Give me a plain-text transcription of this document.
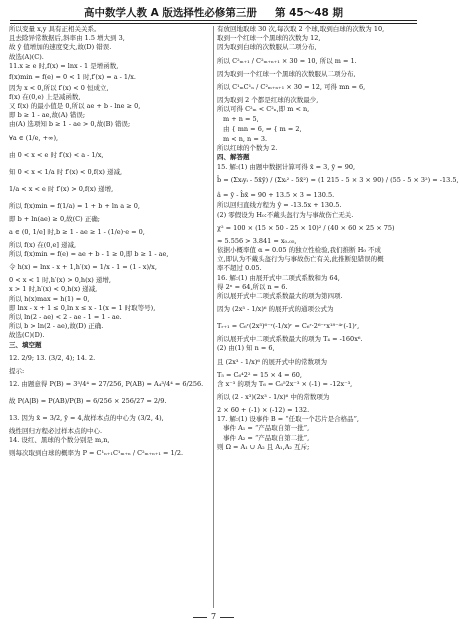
高中数学人教 A 版选择性必修第三册 第 45～48 期
所以变量 x,y 具有正相关关系。
且去除异常数据后,斜率由 1.5 增大到 3,
故 ŷ 值增加的速度变大,故(D) 错误.
故选(A)(C).
11.x ≥ e 时,f(x) = lnx - 1 是增函数,
f(x)min = f(e) = 0 < 1 时,f′(x) = a - 1/x.
因为 x < 0,所以 f′(x) < 0 恒成立,
f(x) 在(0,e) 上是减函数,
又 f(x) 的最小值是 0,所以 ae + b - lne ≥ 0,
即 b ≥ 1 - ae,故(A) 错误;
由(A) 选项知 b ≥ 1 - ae > 0,故(B) 错误;
∀a ∈ (1/e, +∞),
由 0 < x < e 时 f′(x) < a - 1/x,
知 0 < x < 1/a 时 f′(x) < 0,f(x) 递减,
1/a < x < e 时 f′(x) > 0,f(x) 递增,
所以 f(x)min = f(1/a) = 1 + b + ln a ≥ 0,
即 b + ln(ae) ≥ 0,故(C) 正确;
a ∈ (0, 1/e] 时,b ≥ 1 - ae ≥ 1 - (1/e)·e = 0,
所以 f(x) 在(0,e] 递减,
所以 f(x)min = f(e) = ae + b - 1 ≥ 0,即 b ≥ 1 - ae,
令 h(x) = lnx - x + 1,h′(x) = 1/x - 1 = (1 - x)/x,
0 < x < 1 时,h′(x) > 0,h(x) 递增,
x > 1 时,h′(x) < 0,h(x) 递减,
所以 h(x)max = h(1) = 0,
即 lnx - x + 1 ≤ 0,ln x ≤ x - 1(x = 1 时取等号),
所以 ln(2 - ae) < 2 - ae - 1 = 1 - ae.
所以 b > ln(2 - ae),故(D) 正确.
故选(C)(D).
三、填空题
12. 2/9; 13. (3/2, 4); 14. 2.
提示:
12. 由题意得 P(B) = 3³/4⁴ = 27/256, P(AB) = A₄³/4⁴ = 6/256.
故 P(A|B) = P(AB)/P(B) = 6/256 × 256/27 = 2/9.
13. 因为 x̄ = 3/2, ȳ = 4,故样本点的中心为 (3/2, 4),
线性回归方程必过样本点的中心.
14. 设红、黑球的个数分别是 m,n,
则每次取到白球的概率为 P = C¹ₙ₊₁C¹ₘ₊ₙ / C²ₘ₊ₙ₊₁ = 1/2.
有放回地取球 30 次,每次取 2 个球,取到白球的次数为 10,
取到一个红球一个黑球的次数为 12,
因为取到白球的次数服从二项分布,
所以 C²ₘ₊₁ / C²ₘ₊ₙ₊₁ × 30 = 10, 所以 m = 1.
因为取到一个红球一个黑球的次数服从二项分布,
所以 C¹ₘC¹ₙ / C²ₘ₊ₙ₊₁ × 30 = 12, 可得 mn = 6,
因为取到 2 个都是红球的次数最少,
所以可得 C²ₘ < C²ₙ,即 m < n,
m + n = 5,
由 { mn = 6, ⇒ { m = 2,
m < n, n = 3.
所以红球的个数为 2.
四、解答题
15. 解:(1) 由题中数据计算可得 x̄ = 3, ȳ = 90,
b̂ = (Σxᵢyᵢ - 5x̄ȳ) / (Σxᵢ² - 5x̄²) = (1 215 - 5 × 3 × 90) / (55 - 5 × 3²) = -13.5,
â = ȳ - b̂x̄ = 90 + 13.5 × 3 = 130.5.
所以回归直线方程为 ŷ = -13.5x + 130.5.
(2) 零假设为 H₀:不戴头盔行为与事故伤亡无关.
χ² = 100 × (15 × 50 - 25 × 10)² / (40 × 60 × 25 × 75)
≈ 5.556 > 3.841 = x₀.₀₅,
依据小概率值 α = 0.05 的独立性检验,我们推断 H₀ 不成
立,即认为不戴头盔行为与事故伤亡有关,此推断犯错误的概
率不超过 0.05.
16. 解:(1) 由展开式中二项式系数和为 64,
得 2ⁿ = 64,所以 n = 6.
所以展开式中二项式系数最大的项为第四项.
因为 (2x³ - 1/x)⁶ 的展开式的通项公式为
Tᵣ₊₁ = C₆ʳ(2x³)⁶⁻ʳ(-1/x)ʳ = C₆ʳ·2⁶⁻ʳx¹⁸⁻⁴ʳ(-1)ʳ,
所以展开式中二项式系数最大的项为 T₄ = -160x⁶.
(2) 由(1) 知 n = 6,
且 (2x³ - 1/x)⁶ 的展开式中的常数项为
T₅ = C₆⁴2² = 15 × 4 = 60,
含 x⁻³ 的项为 T₆ = C₆⁵2x⁻³ × (-1) = -12x⁻³,
所以 (2 - x³)(2x³ - 1/x)⁶ 中的常数项为
2 × 60 + (-1) × (-12) = 132.
17. 解:(1) 设事件 B = “任取一个芯片是合格品”,
事件 A₁ = “产品取自第一批”,
事件 A₂ = “产品取自第二批”,
则 Ω = A₁ ∪ A₂ 且 A₁,A₂ 互斥;
7
